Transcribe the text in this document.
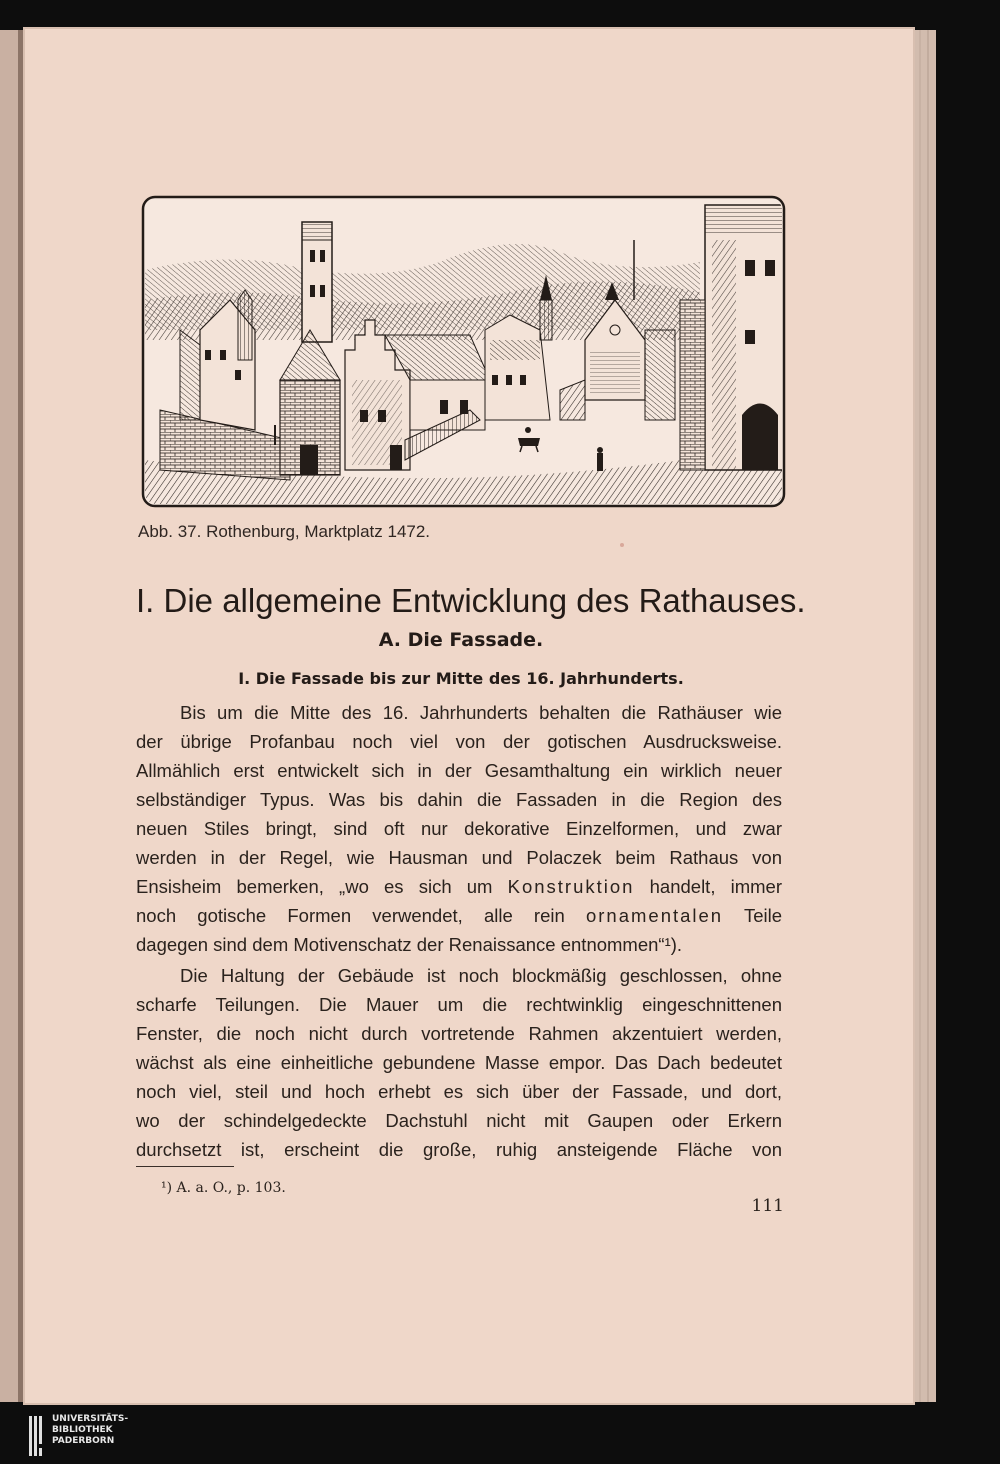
Abb. 37. Rothenburg, Marktplatz 1472.
I. Die allgemeine Entwicklung des Rathauses.
A. Die Fassade.
I. Die Fassade bis zur Mitte des 16. Jahrhunderts.
Bis um die Mitte des 16. Jahrhunderts behalten die Rathäuser wie
der übrige Profanbau noch viel von der gotischen Ausdrucksweise.
Allmählich erst entwickelt sich in der Gesamthaltung ein wirklich neuer
selbständiger Typus. Was bis dahin die Fassaden in die Region des
neuen Stiles bringt, sind oft nur dekorative Einzelformen, und zwar
werden in der Regel, wie Hausman und Polaczek beim Rathaus von
Ensisheim bemerken, „wo es sich um Konstruktion handelt, immer
noch gotische Formen verwendet, alle rein ornamentalen Teile
dagegen sind dem Motivenschatz der Renaissance entnommen“¹).
Die Haltung der Gebäude ist noch blockmäßig geschlossen, ohne
scharfe Teilungen. Die Mauer um die rechtwinklig eingeschnittenen
Fenster, die noch nicht durch vortretende Rahmen akzentuiert werden,
wächst als eine einheitliche gebundene Masse empor. Das Dach bedeutet
noch viel, steil und hoch erhebt es sich über der Fassade, und dort,
wo der schindelgedeckte Dachstuhl nicht mit Gaupen oder Erkern
durchsetzt ist, erscheint die große, ruhig ansteigende Fläche von
¹) A. a. O., p. 103.
111
UNIVERSITÄTS-
BIBLIOTHEK
PADERBORN
